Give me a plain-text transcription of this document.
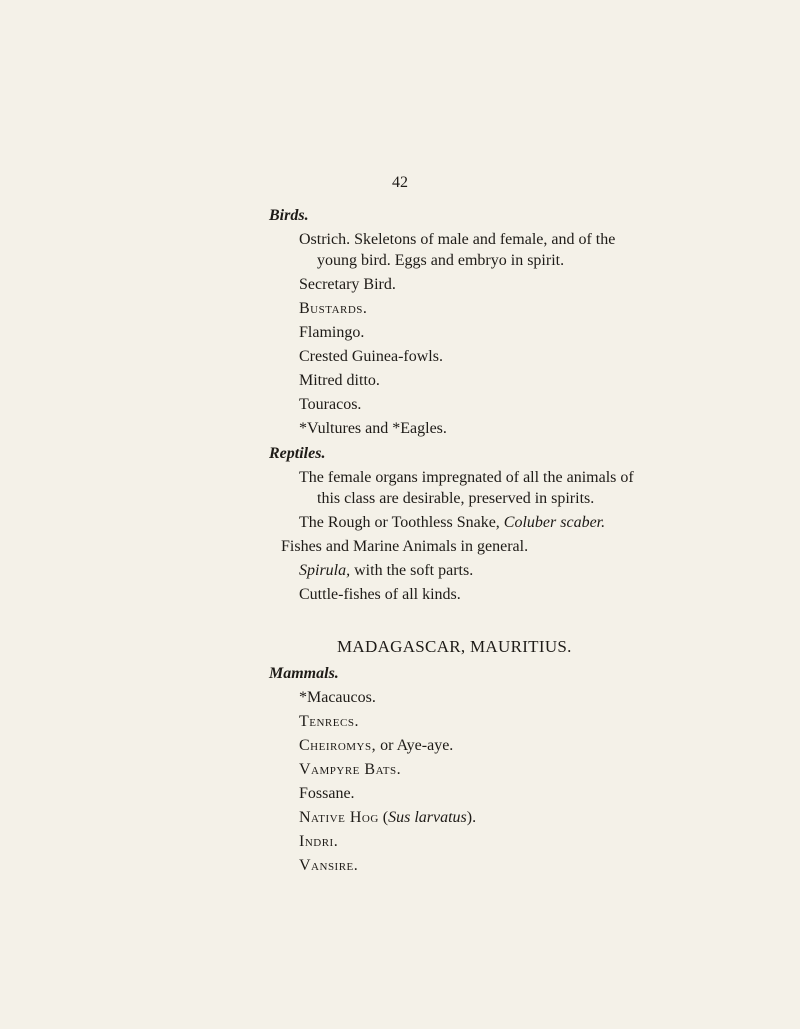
42
Birds.
Ostrich. Skeletons of male and female, and of the
young bird. Eggs and embryo in spirit.
Secretary Bird.
Bustards.
Flamingo.
Crested Guinea-fowls.
Mitred ditto.
Touracos.
*Vultures and *Eagles.
Reptiles.
The female organs impregnated of all the animals of
this class are desirable, preserved in spirits.
The Rough or Toothless Snake, Coluber scaber.
Fishes and Marine Animals in general.
Spirula, with the soft parts.
Cuttle-fishes of all kinds.
MADAGASCAR, MAURITIUS.
Mammals.
*Macaucos.
Tenrecs.
Cheiromys, or Aye-aye.
Vampyre Bats.
Fossane.
Native Hog (Sus larvatus).
Indri.
Vansire.
